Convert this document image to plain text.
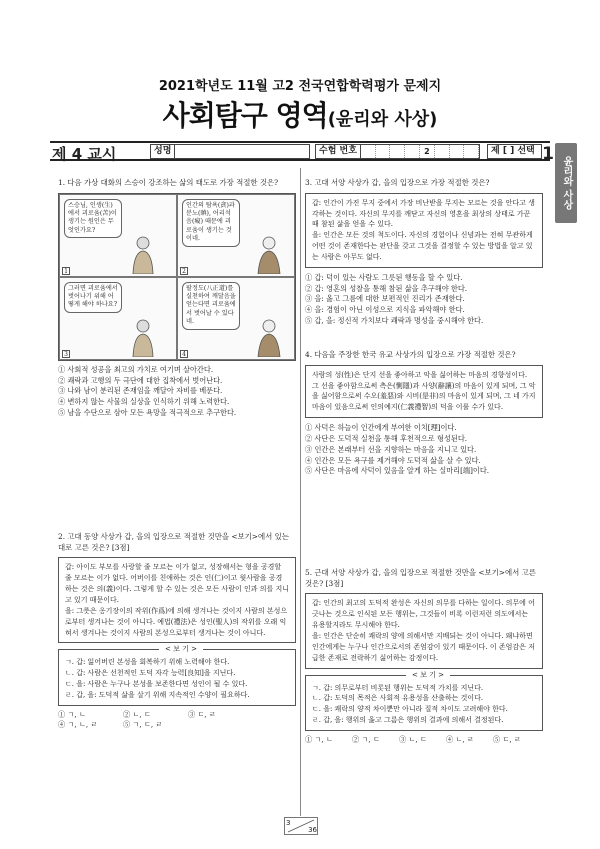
2021학년도 11월 고2 전국연합학력평가 문제지
사회탐구 영역(윤리와 사상)
제 4 교시	성명	수험 번호	2	제 [ ] 선택 1
윤리와 사상
1. 다음 가상 대화의 스승이 강조하는 삶의 태도로 가장 적절한 것은?
스승님, 인생(生)에서 괴로움(苦)이 생기는 원인은 무엇인가요?
1
인간의 탐욕(貪)과 분노(瞋), 어리석음(癡) 때문에 괴로움이 생기는 것이네.
2
그러면 괴로움에서 벗어나기 위해 어떻게 해야 하나요?
3
팔정도(八正道)를 실천하여 깨달음을 얻는다면 괴로움에서 벗어날 수 있다네.
4
① 사회적 성공을 최고의 가치로 여기며 살아간다.
② 쾌락과 고행의 두 극단에 대한 집착에서 벗어난다.
③ 나와 남이 분리된 존재임을 깨달아 자비를 베푼다.
④ 변하지 않는 사물의 실상을 인식하기 위해 노력한다.
⑤ 남을 수단으로 삼아 모든 욕망을 적극적으로 추구한다.
2. 고대 동양 사상가 갑, 을의 입장으로 적절한 것만을 <보기>에서 있는 대로 고른 것은? [3점]
갑: 아이도 부모를 사랑할 줄 모르는 이가 없고, 성장해서는 형을 공경할 줄 모르는 이가 없다. 어버이를 친애하는 것은 인(仁)이고 윗사람을 공경하는 것은 의(義)이다. 그렇게 할 수 있는 것은 모든 사람이 인과 의를 지니고 있기 때문이다.
을: 그릇은 옹기장이의 작위(作爲)에 의해 생겨나는 것이지 사람의 본성으로부터 생겨나는 것이 아니다. 예법(禮法)은 성인(聖人)의 작위를 오래 익혀서 생겨나는 것이지 사람의 본성으로부터 생겨나는 것이 아니다.
< 보 기 >
ㄱ. 갑: 잃어버린 본성을 회복하기 위해 노력해야 한다.
ㄴ. 갑: 사람은 선천적인 도덕 자각 능력[良知]을 지닌다.
ㄷ. 을: 사람은 누구나 본성을 보존한다면 성인이 될 수 있다.
ㄹ. 갑, 을: 도덕적 삶을 살기 위해 지속적인 수양이 필요하다.
① ㄱ, ㄴ	② ㄴ, ㄷ	③ ㄷ, ㄹ
④ ㄱ, ㄴ, ㄹ	⑤ ㄱ, ㄷ, ㄹ
3. 고대 서양 사상가 갑, 을의 입장으로 가장 적절한 것은?
갑: 인간이 가진 무지 중에서 가장 비난받을 무지는 모르는 것을 안다고 생각하는 것이다. 자신의 무지를 깨닫고 자신의 영혼을 최상의 상태로 가꾼 때 참된 삶을 얻을 수 있다.
을: 인간은 모든 것의 척도이다. 자신의 경험이나 신념과는 전혀 무관하게 어떤 것이 존재한다는 판단을 갖고 그것을 결정할 수 있는 방법을 알고 있는 사람은 아무도 없다.
① 갑: 덕이 있는 사람도 그릇된 행동을 할 수 있다.
② 갑: 영혼의 성찰을 통해 참된 삶을 추구해야 한다.
③ 을: 옳고 그름에 대한 보편적인 진리가 존재한다.
④ 을: 경험이 아닌 이성으로 지식을 파악해야 한다.
⑤ 갑, 을: 정신적 가치보다 쾌락과 명성을 중시해야 한다.
4. 다음을 주장한 한국 유교 사상가의 입장으로 가장 적절한 것은?
사람의 성(性)은 단지 선을 좋아하고 악을 싫어하는 마음의 경향성이다. 그 선을 좋아함으로써 측은(惻隱)과 사양(辭讓)의 마음이 있게 되며, 그 악을 싫어함으로써 수오(羞惡)와 시비(是非)의 마음이 있게 되며, 그 네 가지 마음이 있음으로써 인의예지(仁義禮智)의 덕을 이룰 수가 있다.
① 사덕은 하늘이 인간에게 부여한 이치[理]이다.
② 사단은 도덕적 실천을 통해 후천적으로 형성된다.
③ 인간은 본래부터 선을 지향하는 마음을 지니고 있다.
④ 인간은 모든 욕구를 제거해야 도덕적 삶을 살 수 있다.
⑤ 사단은 마음에 사덕이 있음을 알게 하는 실마리[端]이다.
5. 근대 서양 사상가 갑, 을의 입장으로 적절한 것만을 <보기>에서 고른 것은? [3점]
갑: 인간의 최고의 도덕적 완성은 자신의 의무를 다하는 일이다. 의무에 어긋나는 것으로 인식된 모든 행위는, 그것들이 비록 이런저런 의도에서는 유용할지라도 무시해야 한다.
을: 인간은 단순히 쾌락의 양에 의해서만 지배되는 것이 아니다. 왜냐하면 인간에게는 누구나 인간으로서의 존엄감이 있기 때문이다. 이 존엄감은 저급한 존재로 전락하기 싫어하는 감정이다.
< 보 기 >
ㄱ. 갑: 의무로부터 비롯된 행위는 도덕적 가치를 지닌다.
ㄴ. 갑: 도덕의 목적은 사회적 유용성을 산출하는 것이다.
ㄷ. 을: 쾌락의 양적 차이뿐만 아니라 질적 차이도 고려해야 한다.
ㄹ. 갑, 을: 행위의 옳고 그름은 행위의 결과에 의해서 결정된다.
① ㄱ, ㄴ	② ㄱ, ㄷ	③ ㄴ, ㄷ	④ ㄴ, ㄹ	⑤ ㄷ, ㄹ
3
36
